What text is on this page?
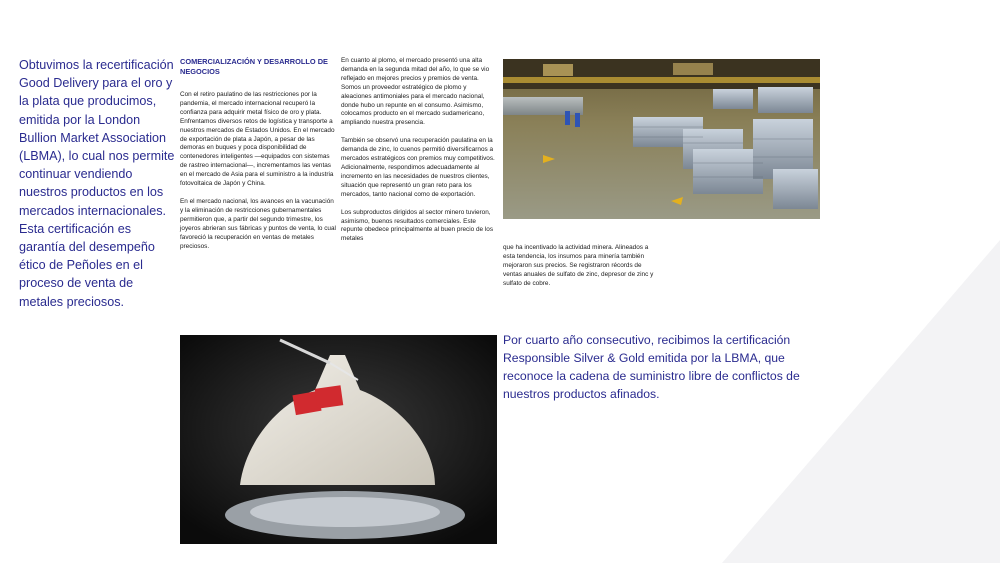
Obtuvimos la recertificación Good Delivery para el oro y la plata que producimos, emitida por la London Bullion Market Association (LBMA), lo cual nos permite continuar vendiendo nuestros productos en los mercados internacionales. Esta certificación es garantía del desempeño ético de Peñoles en el proceso de venta de metales preciosos.

COMERCIALIZACIÓN Y DESARROLLO DE NEGOCIOS

Con el retiro paulatino de las restricciones por la pandemia, el mercado internacional recuperó la confianza para adquirir metal físico de oro y plata. Enfrentamos diversos retos de logística y transporte a nuestros mercados de Estados Unidos. En el mercado de exportación de plata a Japón, a pesar de las demoras en buques y poca disponibilidad de contenedores inteligentes —equipados con sistemas de rastreo internacional—, incrementamos las ventas en el mercado de Asia para el suministro a la industria fotovoltaica de Japón y China.

En el mercado nacional, los avances en la vacunación y la eliminación de restricciones gubernamentales permitieron que, a partir del segundo trimestre, los joyeros abrieran sus fábricas y puntos de venta, lo cual favoreció la recuperación en ventas de metales preciosos.

En cuanto al plomo, el mercado presentó una alta demanda en la segunda mitad del año, lo que se vio reflejado en mejores precios y premios de venta. Somos un proveedor estratégico de plomo y aleaciones antimoniales para el mercado nacional, donde hubo un repunte en el consumo. Asimismo, colocamos producto en el mercado sudamericano, ampliando nuestra presencia.

También se observó una recuperación paulatina en la demanda de zinc, lo cuenos permitió diversificarnos a mercados estratégicos con premios muy competitivos. Adicionalmente, respondimos adecuadamente al incremento en las necesidades de nuestros clientes, situación que representó un gran reto para los mercados, tanto nacional como de exportación.

Los subproductos dirigidos al sector minero tuvieron, asimismo, buenos resultados comerciales. Este repunte obedece principalmente al buen precio de los metales

que ha incentivado la actividad minera. Alineados a esta tendencia, los insumos para minería también mejoraron sus precios. Se registraron récords de ventas anuales de sulfato de zinc, depresor de zinc y sulfato de cobre.

Por cuarto año consecutivo, recibimos la certificación Responsible Silver & Gold emitida por la LBMA, que reconoce la cadena de suministro libre de conflictos de nuestros productos afinados.
